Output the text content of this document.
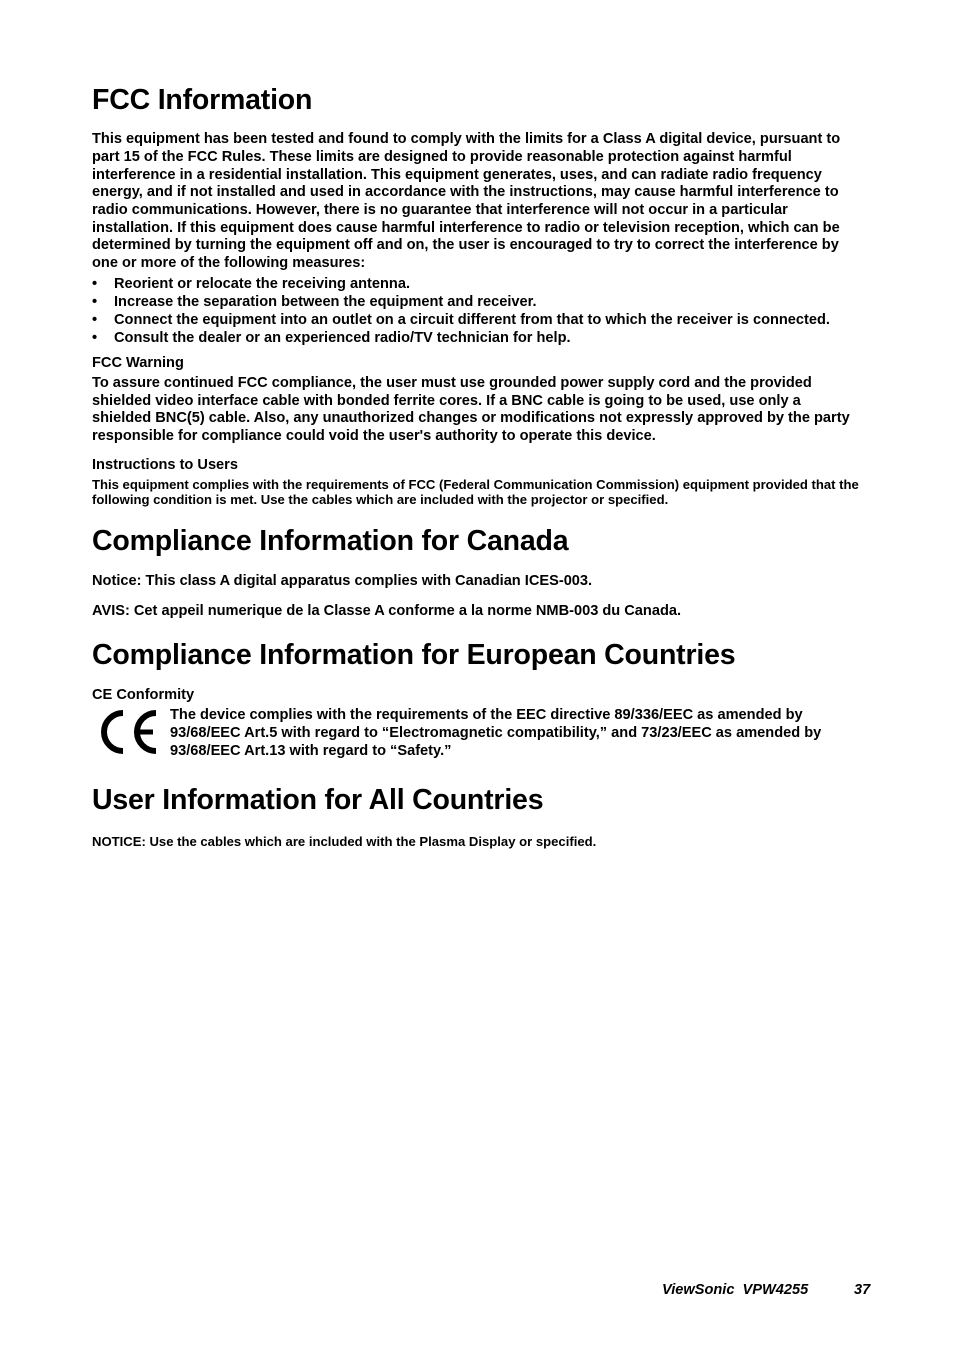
FCC Information

This equipment has been tested and found to comply with the limits for a Class A digital device, pursuant to part 15 of the FCC Rules. These limits are designed to provide reasonable protection against harmful interference in a residential installation. This equipment generates, uses, and can radiate radio frequency energy, and if not installed and used in accordance with the instructions, may cause harmful interference to radio communications. However, there is no guarantee that interference will not occur in a particular installation. If this equipment does cause harmful interference to radio or television reception, which can be determined by turning the equipment off and on, the user is encouraged to try to correct the interference by one or more of the following measures:

• Reorient or relocate the receiving antenna.
• Increase the separation between the equipment and receiver.
• Connect the equipment into an outlet on a circuit different from that to which the receiver is connected.
• Consult the dealer or an experienced radio/TV technician for help.
FCC Warning

To assure continued FCC compliance, the user must use grounded power supply cord and the provided shielded video interface cable with bonded ferrite cores. If a BNC cable is going to be used, use only a shielded BNC(5) cable. Also, any unauthorized changes or modifications not expressly approved by the party responsible for compliance could void the user's authority to operate this device.

Instructions to Users

This equipment complies with the requirements of FCC (Federal Communication Commission) equipment provided that the following condition is met. Use the cables which are included with the projector or specified.

Compliance Information for Canada

Notice: This class A digital apparatus complies with Canadian ICES-003.

AVIS: Cet appeil numerique de la Classe A conforme a la norme NMB-003 du Canada.

Compliance Information for European Countries
CE Conformity

The device complies with the requirements of the EEC directive 89/336/EEC as amended by 93/68/EEC Art.5 with regard to “Electromagnetic compatibility,” and 73/23/EEC as amended by 93/68/EEC Art.13 with regard to “Safety.”

User Information for All Countries

NOTICE: Use the cables which are included with the Plasma Display or specified.

ViewSonic  VPW4255	37
